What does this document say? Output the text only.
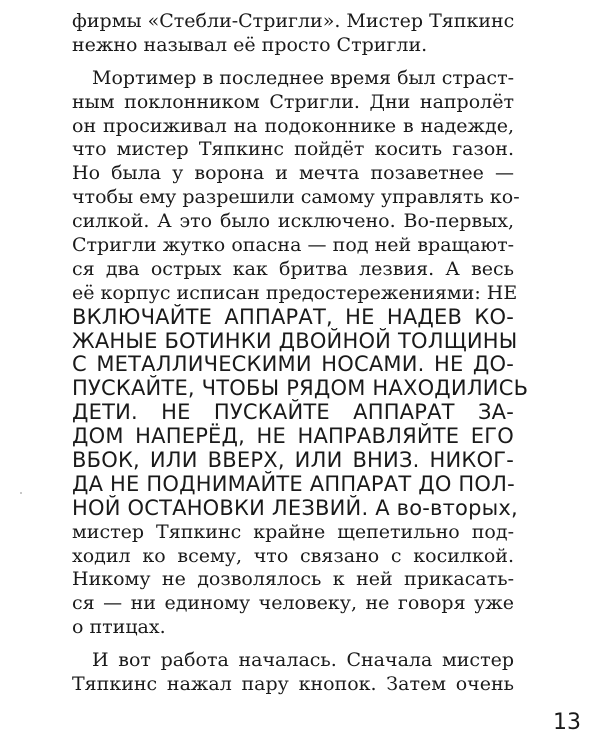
фирмы «Стебли-Стригли». Мистер Тяпкинс
нежно называл её просто Стригли.
Мортимер в последнее время был страст-
ным поклонником Стригли. Дни напролёт
он просиживал на подоконнике в надежде,
что мистер Тяпкинс пойдёт косить газон.
Но была у ворона и мечта позаветнее —
чтобы ему разрешили самому управлять ко-
силкой. А это было исключено. Во-первых,
Стригли жутко опасна — под ней вращают-
ся два острых как бритва лезвия. А весь
её корпус исписан предостережениями: НЕ
ВКЛЮЧАЙТЕ АППАРАТ, НЕ НАДЕВ КО-
ЖАНЫЕ БОТИНКИ ДВОЙНОЙ ТОЛЩИНЫ
С МЕТАЛЛИЧЕСКИМИ НОСАМИ. НЕ ДО-
ПУСКАЙТЕ, ЧТОБЫ РЯДОМ НАХОДИЛИСЬ
ДЕТИ. НЕ ПУСКАЙТЕ АППАРАТ ЗА-
ДОМ НАПЕРЁД, НЕ НАПРАВЛЯЙТЕ ЕГО
ВБОК, ИЛИ ВВЕРХ, ИЛИ ВНИЗ. НИКОГ-
ДА НЕ ПОДНИМАЙТЕ АППАРАТ ДО ПОЛ-
НОЙ ОСТАНОВКИ ЛЕЗВИЙ. А во-вторых,
мистер Тяпкинс крайне щепетильно под-
ходил ко всему, что связано с косилкой.
Никому не дозволялось к ней прикасать-
ся — ни единому человеку, не говоря уже
о птицах.
И вот работа началась. Сначала мистер
Тяпкинс нажал пару кнопок. Затем очень
13
